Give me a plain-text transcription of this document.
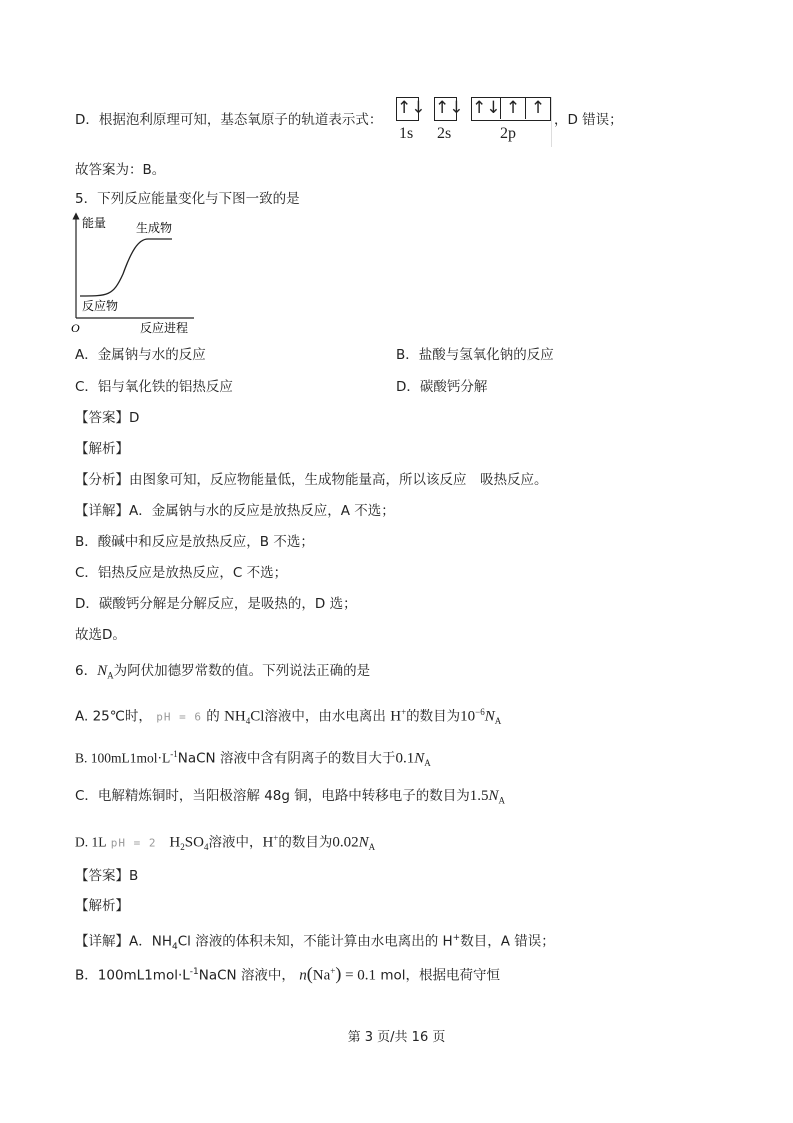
D．根据泡利原理可知，基态氧原子的轨道表示式：
↑↓ ↑↓ ↑↓ ↑ ↑
1s 2s	2p
，D 错误；
故答案为：B。
5．下列反应能量变化与下图一致的是
能量 生成物
反应物
O	反应进程
A．金属钠与水的反应	B．盐酸与氢氧化钠的反应
C．铝与氧化铁的铝热反应	D．碳酸钙分解
【答案】D
【解析】
【分析】由图象可知，反应物能量低，生成物能量高，所以该反应　吸热反应。
【详解】A．金属钠与水的反应是放热反应，A 不选；
B．酸碱中和反应是放热反应，B 不选；
C．铝热反应是放热反应，C 不选；
D．碳酸钙分解是分解反应，是吸热的，D 选；
故选D。
6．$N_A$为阿伏加德罗常数的值。下列说法正确的是
A. 25℃时， pH = 6 的 $NH_4Cl$溶液中，由水电离出 H+的数目为$10^{-6}N_A$
B. $100mL1mol\cdot L^{-1}NaCN$ 溶液中含有阴离子的数目大于$0.1N_A$
C．电解精炼铜时，当阳极溶解 48g 铜，电路中转移电子的数目为$1.5N_A$
D. 1L pH = 2 $H_2SO_4$溶液中，H+的数目为$0.02N_A$
【答案】B
【解析】
【详解】A．$NH_4Cl$ 溶液的体积未知，不能计算由水电离出的 H+数目，A 错误；
B．$100mL1mol\cdot L^{-1}NaCN$ 溶液中， n(Na+) = 0.1 mol，根据电荷守恒
第 3 页/共 16 页
